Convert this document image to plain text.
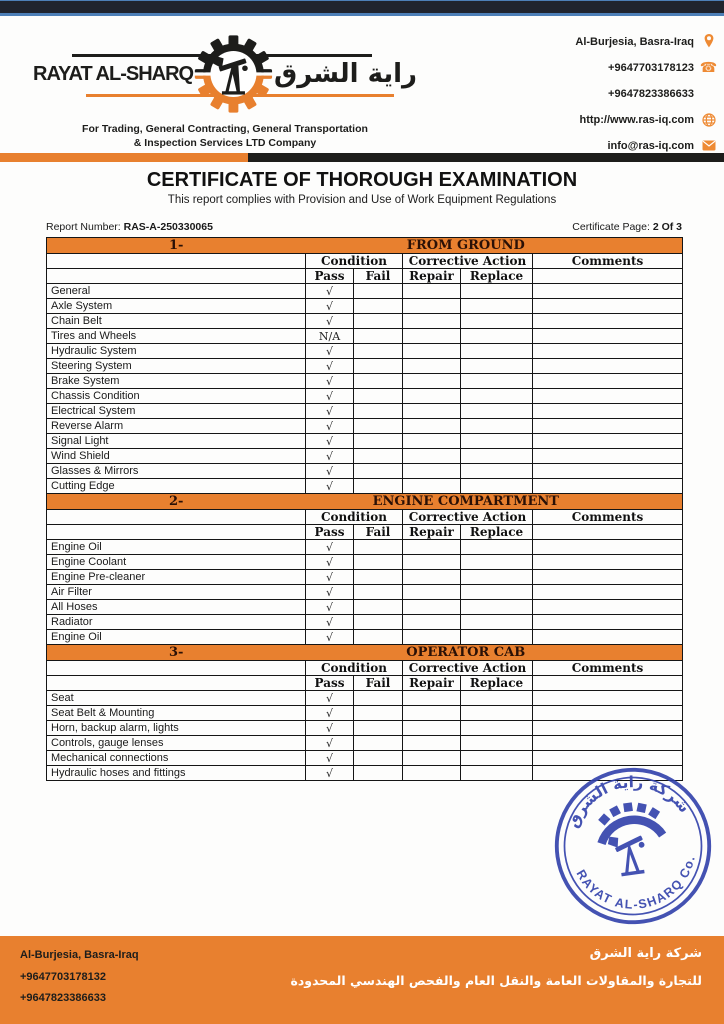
RAYAT AL-SHARQ	راية الشرق
For Trading, General Contracting, General Transportation
& Inspection Services LTD Company
Al-Burjesia, Basra-Iraq
+9647703178123 ☎
+9647823386633
http://www.ras-iq.com
info@ras-iq.com
CERTIFICATE OF THOROUGH EXAMINATION
This report complies with Provision and Use of Work Equipment Regulations
Report Number: RAS-A-250330065	Certificate Page: 2 Of 3
1-	FROM GROUND				
	Condition		Corrective Action		Comments
	Pass	Fail	Repair	Replace	
General	√				
Axle System	√				
Chain Belt	√				
Tires and Wheels	N/A				
Hydraulic System	√				
Steering System	√				
Brake System	√				
Chassis Condition	√				
Electrical System	√				
Reverse Alarm	√				
Signal Light	√				
Wind Shield	√				
Glasses & Mirrors	√				
Cutting Edge	√				
2-	ENGINE COMPARTMENT				
	Condition		Corrective Action		Comments
	Pass	Fail	Repair	Replace	
Engine Oil	√				
Engine Coolant	√				
Engine Pre-cleaner	√				
Air Filter	√				
All Hoses	√				
Radiator	√				
Engine Oil	√				
3-	OPERATOR CAB				
	Condition		Corrective Action		Comments
	Pass	Fail	Repair	Replace	
Seat	√				
Seat Belt & Mounting	√				
Horn, backup alarm, lights	√				
Controls, gauge lenses	√				
Mechanical connections	√				
Hydraulic hoses and fittings	√				
شركة راية الشرق
RAYAT AL-SHARQ Co.
Al-Burjesia, Basra-Iraq
+9647703178132
+9647823386633
شركة راية الشرق
للتجارة والمقاولات العامة والنقل العام والفحص الهندسي المحدودة
